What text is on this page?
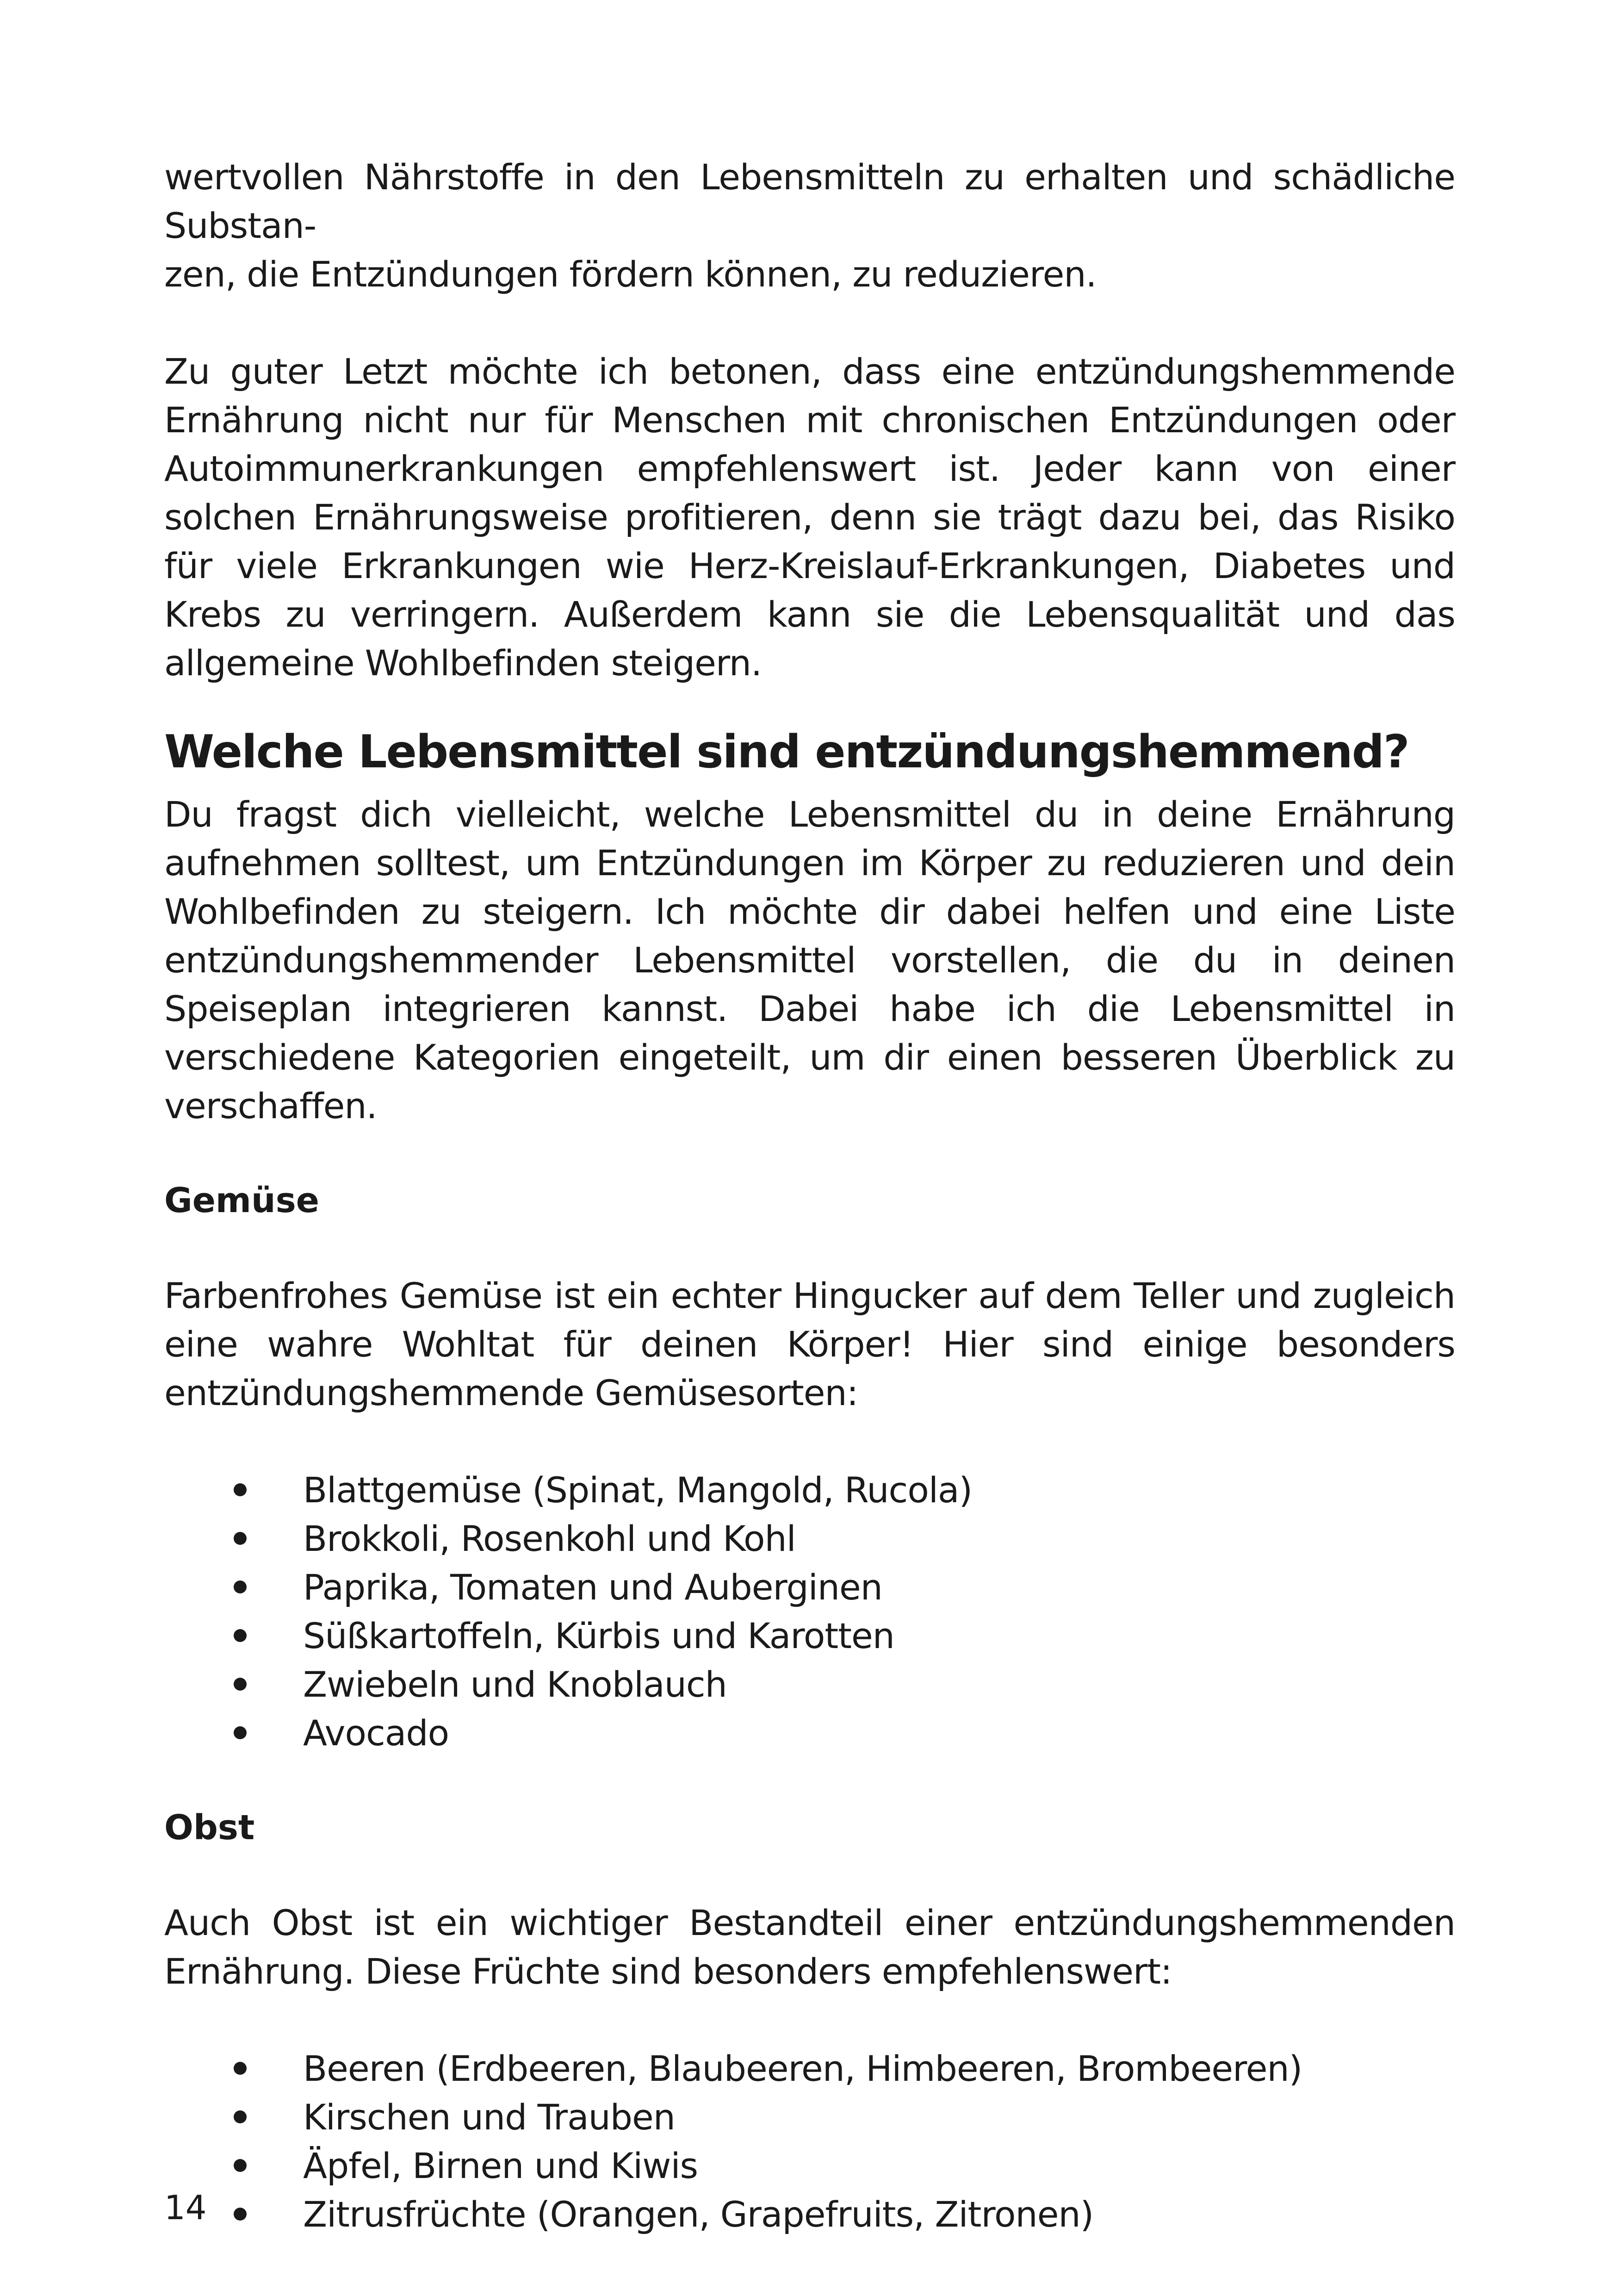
wertvollen Nährstoffe in den Lebensmitteln zu erhalten und schädliche Substan-
zen, die Entzündungen fördern können, zu reduzieren.

Zu guter Letzt möchte ich betonen, dass eine entzündungshemmende Ernährung nicht nur für Menschen mit chronischen Entzündungen oder Autoimmunerkrankungen empfehlenswert ist. Jeder kann von einer solchen Ernährungsweise profitieren, denn sie trägt dazu bei, das Risiko für viele Erkrankungen wie Herz-Kreislauf-Erkrankungen, Diabetes und Krebs zu verringern. Außerdem kann sie die Lebensqualität und das allgemeine Wohlbefinden steigern.

Welche Lebensmittel sind entzündungshemmend?

Du fragst dich vielleicht, welche Lebensmittel du in deine Ernährung aufnehmen solltest, um Entzündungen im Körper zu reduzieren und dein Wohlbefinden zu steigern. Ich möchte dir dabei helfen und eine Liste entzündungshemmender Lebensmittel vorstellen, die du in deinen Speiseplan integrieren kannst. Dabei habe ich die Lebensmittel in verschiedene Kategorien eingeteilt, um dir einen besseren Überblick zu verschaffen.

Gemüse

Farbenfrohes Gemüse ist ein echter Hingucker auf dem Teller und zugleich eine wahre Wohltat für deinen Körper! Hier sind einige besonders entzündungshemmende Gemüsesorten:

Blattgemüse (Spinat, Mangold, Rucola)
Brokkoli, Rosenkohl und Kohl
Paprika, Tomaten und Auberginen
Süßkartoffeln, Kürbis und Karotten
Zwiebeln und Knoblauch
Avocado
Obst

Auch Obst ist ein wichtiger Bestandteil einer entzündungshemmenden Ernährung. Diese Früchte sind besonders empfehlenswert:

Beeren (Erdbeeren, Blaubeeren, Himbeeren, Brombeeren)
Kirschen und Trauben
Äpfel, Birnen und Kiwis
Zitrusfrüchte (Orangen, Grapefruits, Zitronen)
14
